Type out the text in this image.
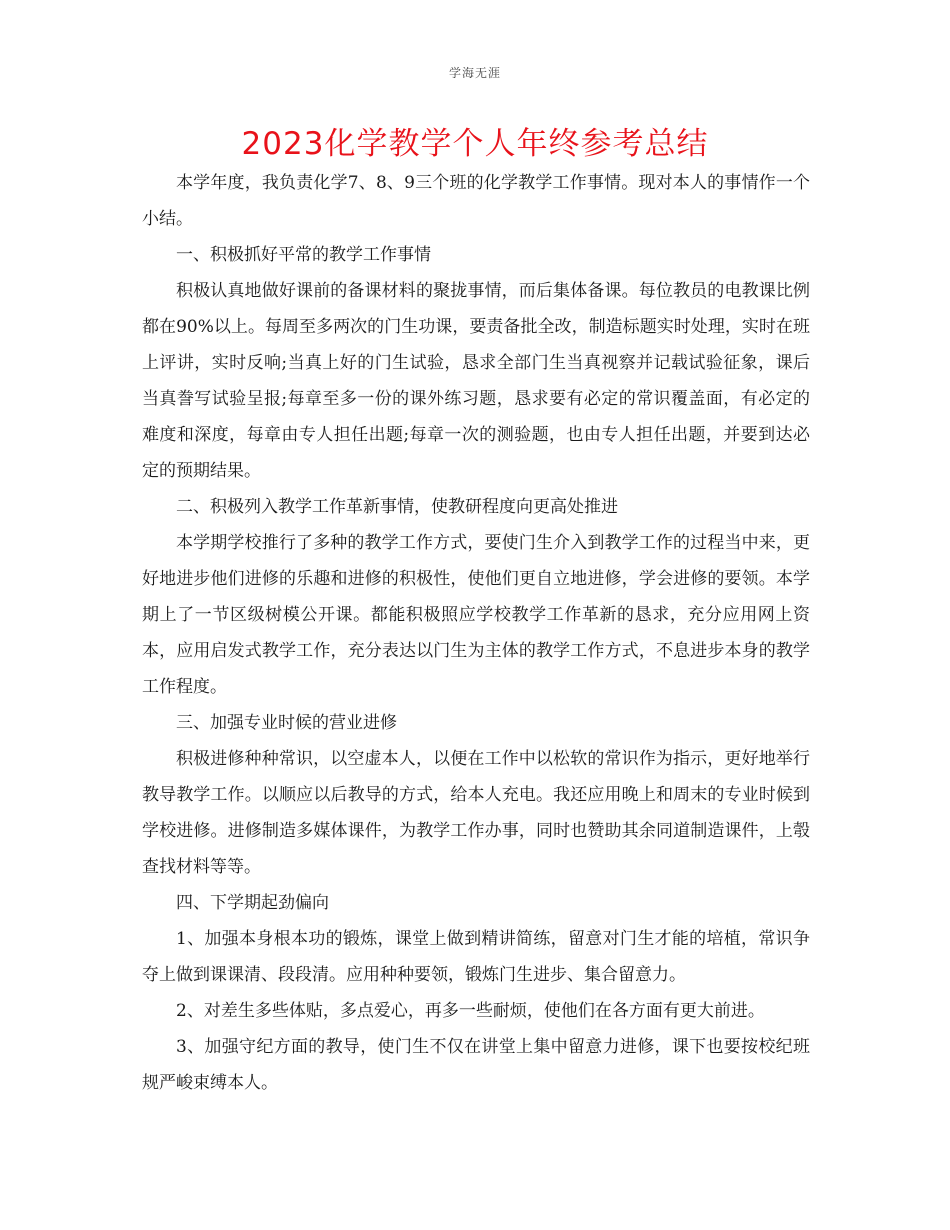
学海无涯
2023化学教学个人年终参考总结

本学年度，我负责化学7、8、9三个班的化学教学工作事情。现对本人的事情作一个小结。

一、积极抓好平常的教学工作事情

积极认真地做好课前的备课材料的聚拢事情，而后集体备课。每位教员的电教课比例都在90%以上。每周至多两次的门生功课，要责备批全改，制造标题实时处理，实时在班上评讲，实时反响;当真上好的门生试验，恳求全部门生当真视察并记载试验征象，课后当真誊写试验呈报;每章至多一份的课外练习题，恳求要有必定的常识覆盖面，有必定的难度和深度，每章由专人担任出题;每章一次的测验题，也由专人担任出题，并要到达必定的预期结果。

二、积极列入教学工作革新事情，使教研程度向更高处推进

本学期学校推行了多种的教学工作方式，要使门生介入到教学工作的过程当中来，更好地进步他们进修的乐趣和进修的积极性，使他们更自立地进修，学会进修的要领。本学期上了一节区级树模公开课。都能积极照应学校教学工作革新的恳求，充分应用网上资本，应用启发式教学工作，充分表达以门生为主体的教学工作方式，不息进步本身的教学工作程度。

三、加强专业时候的营业进修

积极进修种种常识，以空虚本人，以便在工作中以松软的常识作为指示，更好地举行教导教学工作。以顺应以后教导的方式，给本人充电。我还应用晚上和周末的专业时候到学校进修。进修制造多媒体课件，为教学工作办事，同时也赞助其余同道制造课件，上彀查找材料等等。

四、下学期起劲偏向

1、加强本身根本功的锻炼，课堂上做到精讲简练，留意对门生才能的培植，常识争夺上做到课课清、段段清。应用种种要领，锻炼门生进步、集合留意力。

2、对差生多些体贴，多点爱心，再多一些耐烦，使他们在各方面有更大前进。

3、加强守纪方面的教导，使门生不仅在讲堂上集中留意力进修，课下也要按校纪班规严峻束缚本人。
